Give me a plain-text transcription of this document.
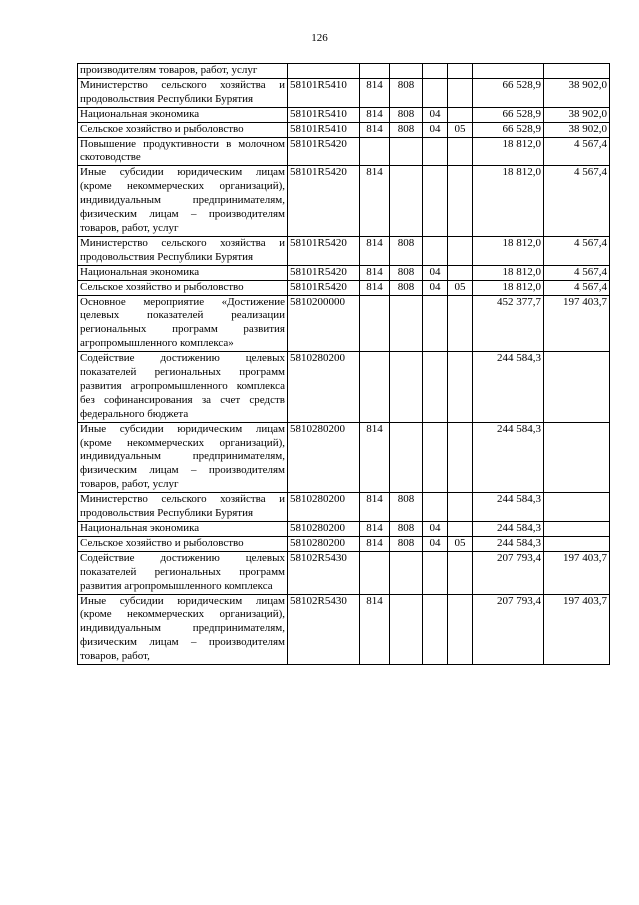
126
производителям товаров, работ, услуг							
Министерство сельского хозяйства и продовольствия Республики Бурятия	58101R5410	814	808			66 528,9	38 902,0
Национальная экономика	58101R5410	814	808	04		66 528,9	38 902,0
Сельское хозяйство и рыболовство	58101R5410	814	808	04	05	66 528,9	38 902,0
Повышение продуктивности в молочном скотоводстве	58101R5420					18 812,0	4 567,4
Иные субсидии юридическим лицам (кроме некоммерческих организаций), индивидуальным предпринимателям, физическим лицам – производителям товаров, работ, услуг	58101R5420	814				18 812,0	4 567,4
Министерство сельского хозяйства и продовольствия Республики Бурятия	58101R5420	814	808			18 812,0	4 567,4
Национальная экономика	58101R5420	814	808	04		18 812,0	4 567,4
Сельское хозяйство и рыболовство	58101R5420	814	808	04	05	18 812,0	4 567,4
Основное мероприятие «Достижение целевых показателей реализации региональных программ развития агропромышленного комплекса»	5810200000					452 377,7	197 403,7
Содействие достижению целевых показателей региональных программ развития агропромышленного комплекса без софинансирования за счет средств федерального бюджета	5810280200					244 584,3	
Иные субсидии юридическим лицам (кроме некоммерческих организаций), индивидуальным предпринимателям, физическим лицам – производителям товаров, работ, услуг	5810280200	814				244 584,3	
Министерство сельского хозяйства и продовольствия Республики Бурятия	5810280200	814	808			244 584,3	
Национальная экономика	5810280200	814	808	04		244 584,3	
Сельское хозяйство и рыболовство	5810280200	814	808	04	05	244 584,3	
Содействие достижению целевых показателей региональных программ развития агропромышленного комплекса	58102R5430					207 793,4	197 403,7
Иные субсидии юридическим лицам (кроме некоммерческих организаций), индивидуальным предпринимателям, физическим лицам – производителям товаров, работ,	58102R5430	814				207 793,4	197 403,7
